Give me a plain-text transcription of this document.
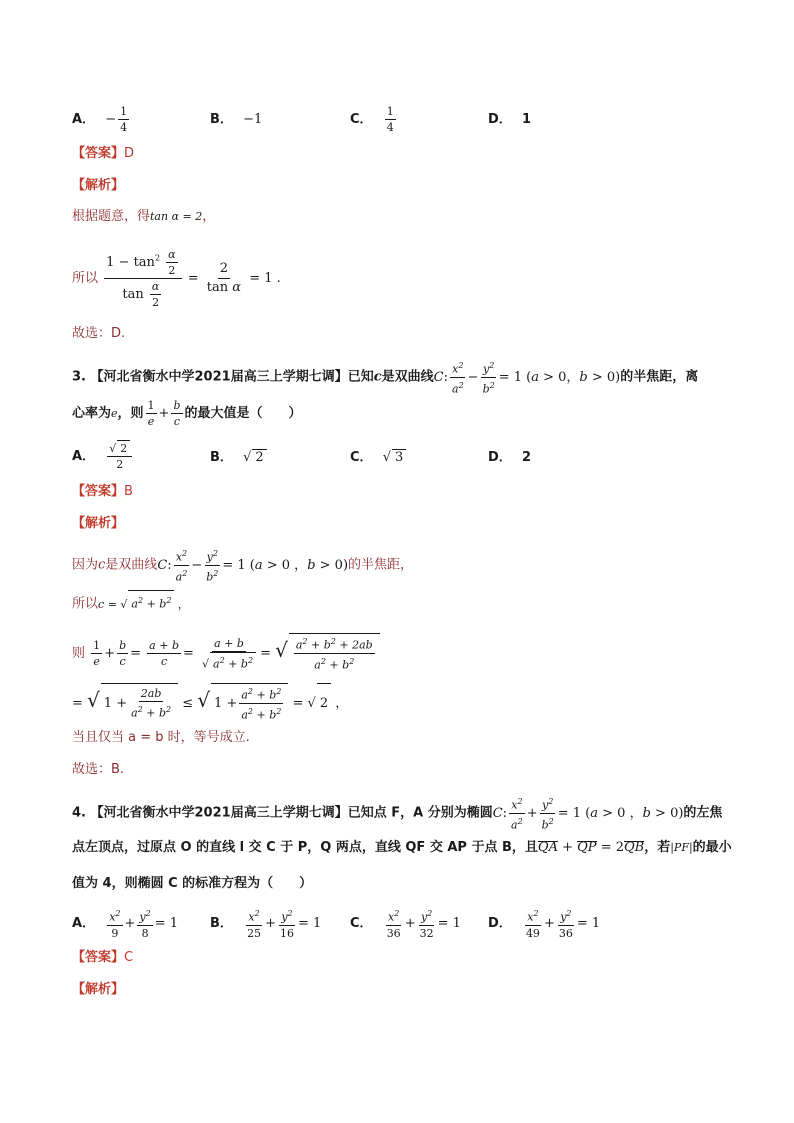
A． − $\frac{1}{4}$	B． −1	C． $\frac{1}{4}$	D． 1
【答案】D
【解析】
根据题意，得tan α = 2，
所以 $\frac{1 - \tan^2 \frac{\alpha}{2}}{\tan \frac{\alpha}{2}} = \frac{2}{\text{tan α}} = 1$ .
故选：D.
3. 【河北省衡水中学2021届高三上学期七调】已知c是双曲线C: $\frac{x^2}{a^2} - \frac{y^2}{b^2} = 1$ (a > 0，b > 0)的半焦距，离
心率为e，则 $\frac{1}{e} + \frac{b}{c}$ 的最大值是（　　）
A． $\frac{√ 2}{2}$	B． √ 2	C． √ 3	D． 2
【答案】B
【解析】
因为c是双曲线C: $\frac{x^2}{a^2} - \frac{y^2}{b^2} = 1$ (a > 0 ，b > 0)的半焦距，
所以c = √ $a^2 + b^2$ ，
则 $\frac{1}{e} + \frac{b}{c} = \frac{a + b}{c} = \frac{a + b}{√ a^2 + b^2}$ = √ $\frac{a^2 + b^2 + 2ab}{a^2 + b^2}$
= √ $1 + \frac{2ab}{a^2 + b^2}$ ≤ √ $1 + \frac{a^2 + b^2}{a^2 + b^2}$ = √ 2 ，
当且仅当 a = b 时，等号成立.
故选：B.
4. 【河北省衡水中学2021届高三上学期七调】已知点 F，A 分别为椭圆C: $\frac{x^2}{a^2} + \frac{y^2}{b^2} = 1$ (a > 0 ，b > 0)的左焦
点左顶点，过原点 O 的直线 l 交 C 于 P，Q 两点，直线 QF 交 AP 于点 B，且QA + QP = 2QB，若|PF|的最小
值为 4，则椭圆 C 的标准方程为（　　）
A． $\frac{x^2}{9} + \frac{y^2}{8} = 1$ B． $\frac{x^2}{25} + \frac{y^2}{16} = 1$ C． $\frac{x^2}{36} + \frac{y^2}{32} = 1$ D． $\frac{x^2}{49} + \frac{y^2}{36} = 1$
【答案】C
【解析】
